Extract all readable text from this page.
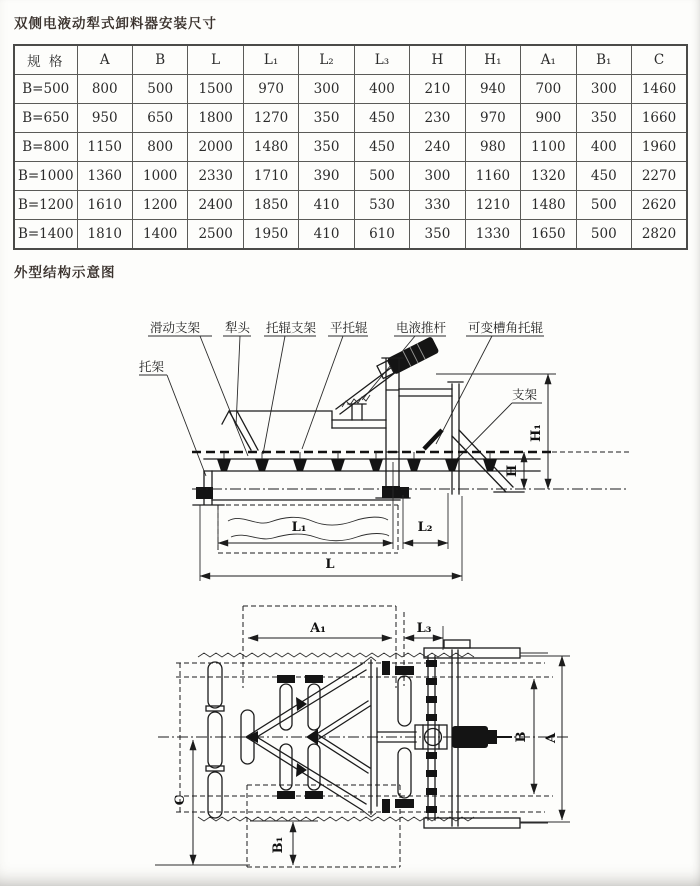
双侧电液动犁式卸料器安装尺寸
规 格	A	B	L	L₁	L₂	L₃	H	H₁	A₁	B₁	C
B=500	800	500	1500	970	300	400	210	940	700	300	1460
B=650	950	650	1800	1270	350	450	230	970	900	350	1660
B=800	1150	800	2000	1480	350	450	240	980	1100	400	1960
B=1000	1360	1000	2330	1710	390	500	300	1160	1320	450	2270
B=1200	1610	1200	2400	1850	410	530	330	1210	1480	500	2620
B=1400	1810	1400	2500	1950	410	610	350	1330	1650	500	2820
外型结构示意图
滑动支架 犁头 托辊支架 平托辊 电液推杆 可变槽角托辊
托架
支架
L₁	L₂
L
H₁
H
A₁	L₃
A
B
C
B₁
